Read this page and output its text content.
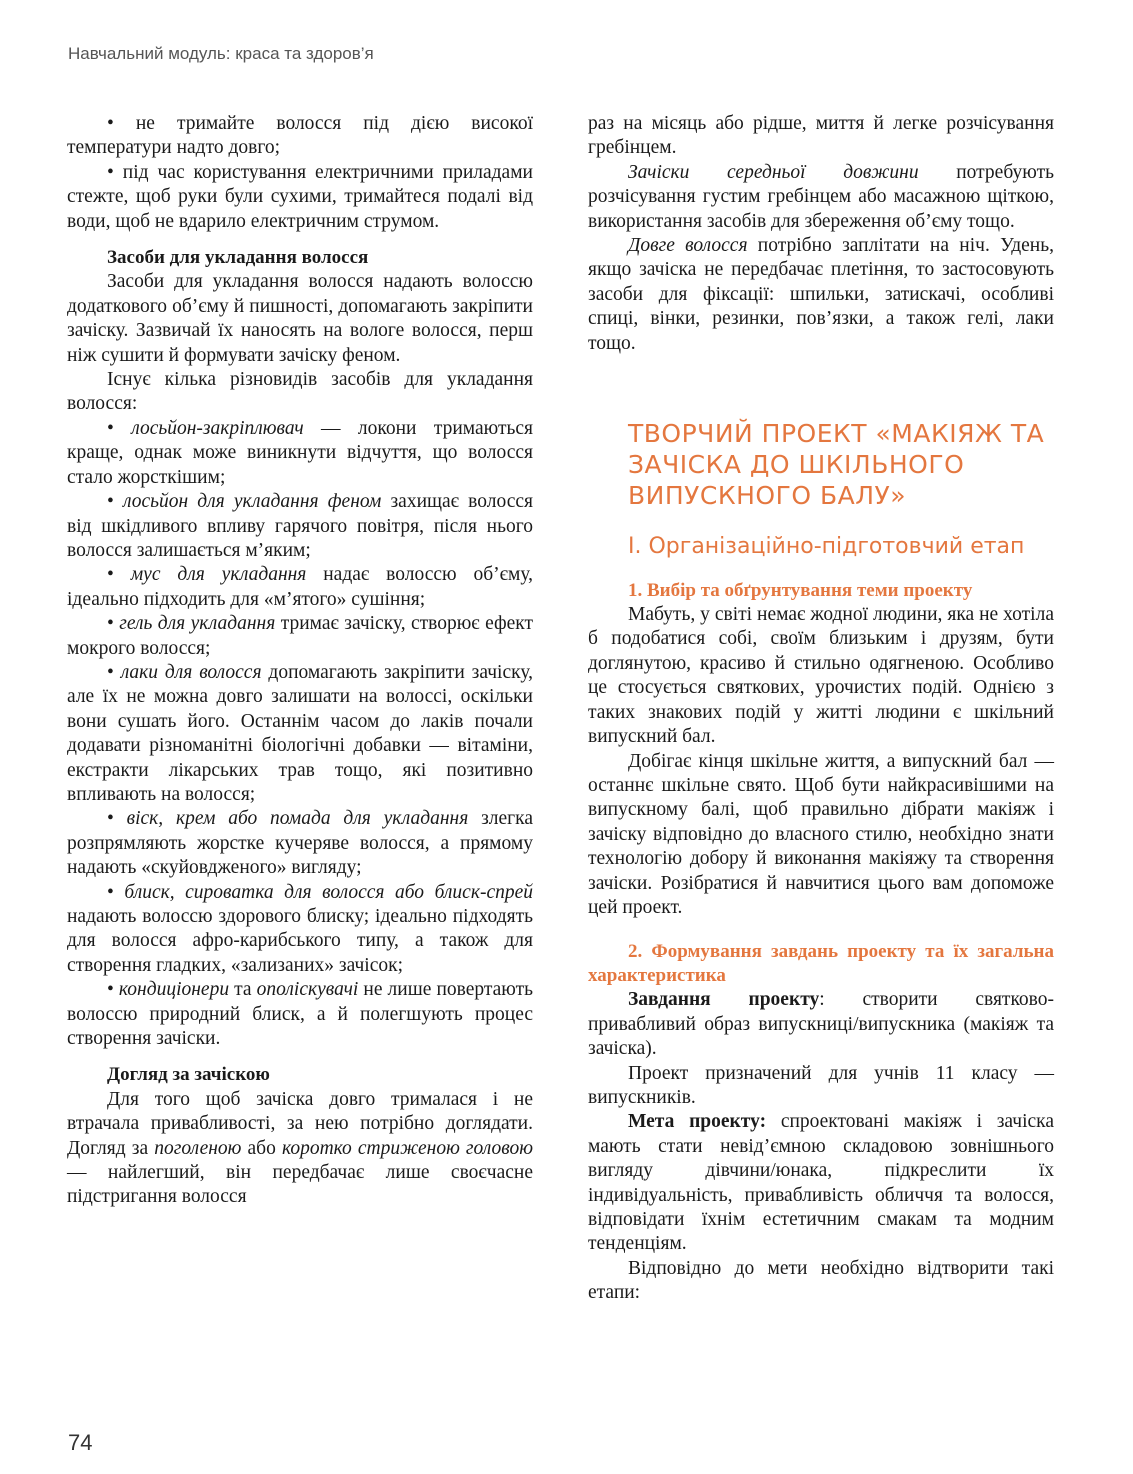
Навчальний модуль: краса та здоров’я

• не тримайте волосся під дією високої температури надто довго;

• під час користування електричними приладами стежте, щоб руки були сухими, тримайтеся подалі від води, щоб не вдарило електричним струмом.

Засоби для укладання волосся

Засоби для укладання волосся надають волоссю додаткового об’єму й пишності, допомагають закріпити зачіску. Зазвичай їх наносять на вологе волосся, перш ніж сушити й формувати зачіску феном.

Існує кілька різновидів засобів для укладання волосся:

• лосьйон-закріплювач — локони тримаються краще, однак може виникнути відчуття, що волосся стало жорсткішим;

• лосьйон для укладання феном захищає волосся від шкідливого впливу гарячого повітря, після нього волосся залишається м’яким;

• мус для укладання надає волоссю об’єму, ідеально підходить для «м’ятого» сушіння;

• гель для укладання тримає зачіску, створює ефект мокрого волосся;

• лаки для волосся допомагають закріпити зачіску, але їх не можна довго залишати на волоссі, оскільки вони сушать його. Останнім часом до лаків почали додавати різноманітні біологічні добавки — вітаміни, екстракти лікарських трав тощо, які позитивно впливають на волосся;

• віск, крем або помада для укладання злегка розпрямляють жорстке кучеряве волосся, а прямому надають «скуйовдженого» вигляду;

• блиск, сироватка для волосся або блиск-спрей надають волоссю здорового блиску; ідеально підходять для волосся афро-карибського типу, а також для створення гладких, «зализаних» зачісок;

• кондиціонери та ополіскувачі не лише повертають волоссю природний блиск, а й полегшують процес створення зачіски.

Догляд за зачіскою

Для того щоб зачіска довго трималася і не втрачала привабливості, за нею потрібно доглядати. Догляд за поголеною або коротко стриженою головою — найлегший, він передбачає лише своєчасне підстригання волосся

раз на місяць або рідше, миття й легке розчісування гребінцем.

Зачіски середньої довжини потребують розчісування густим гребінцем або масажною щіткою, використання засобів для збереження об’єму тощо.

Довге волосся потрібно заплітати на ніч. Удень, якщо зачіска не передбачає плетіння, то застосовують засоби для фіксації: шпильки, затискачі, особливі спиці, вінки, резинки, пов’язки, а також гелі, лаки тощо.

ТВОРЧИЙ ПРОЕКТ «МАКІЯЖ ТА ЗАЧІСКА ДО ШКІЛЬНОГО ВИПУСКНОГО БАЛУ»
I. Організаційно-підготовчий етап
1. Вибір та обґрунтування теми проекту

Мабуть, у світі немає жодної людини, яка не хотіла б подобатися собі, своїм близьким і друзям, бути доглянутою, красиво й стильно одягненою. Особливо це стосується святкових, урочистих подій. Однією з таких знакових подій у житті людини є шкільний випускний бал.

Добігає кінця шкільне життя, а випускний бал — останнє шкільне свято. Щоб бути найкрасивішими на випускному балі, щоб правильно дібрати макіяж і зачіску відповідно до власного стилю, необхідно знати технологію добору й виконання макіяжу та створення зачіски. Розібратися й навчитися цього вам допоможе цей проект.

2. Формування завдань проекту та їх загальна характеристика

Завдання проекту: створити святково-привабливий образ випускниці/випускника (макіяж та зачіска).

Проект призначений для учнів 11 класу — випускників.

Мета проекту: спроектовані макіяж і зачіска мають стати невід’ємною складовою зовнішнього вигляду дівчини/юнака, підкреслити їх індивідуальність, привабливість обличчя та волосся, відповідати їхнім естетичним смакам та модним тенденціям.

Відповідно до мети необхідно відтворити такі етапи:

74
